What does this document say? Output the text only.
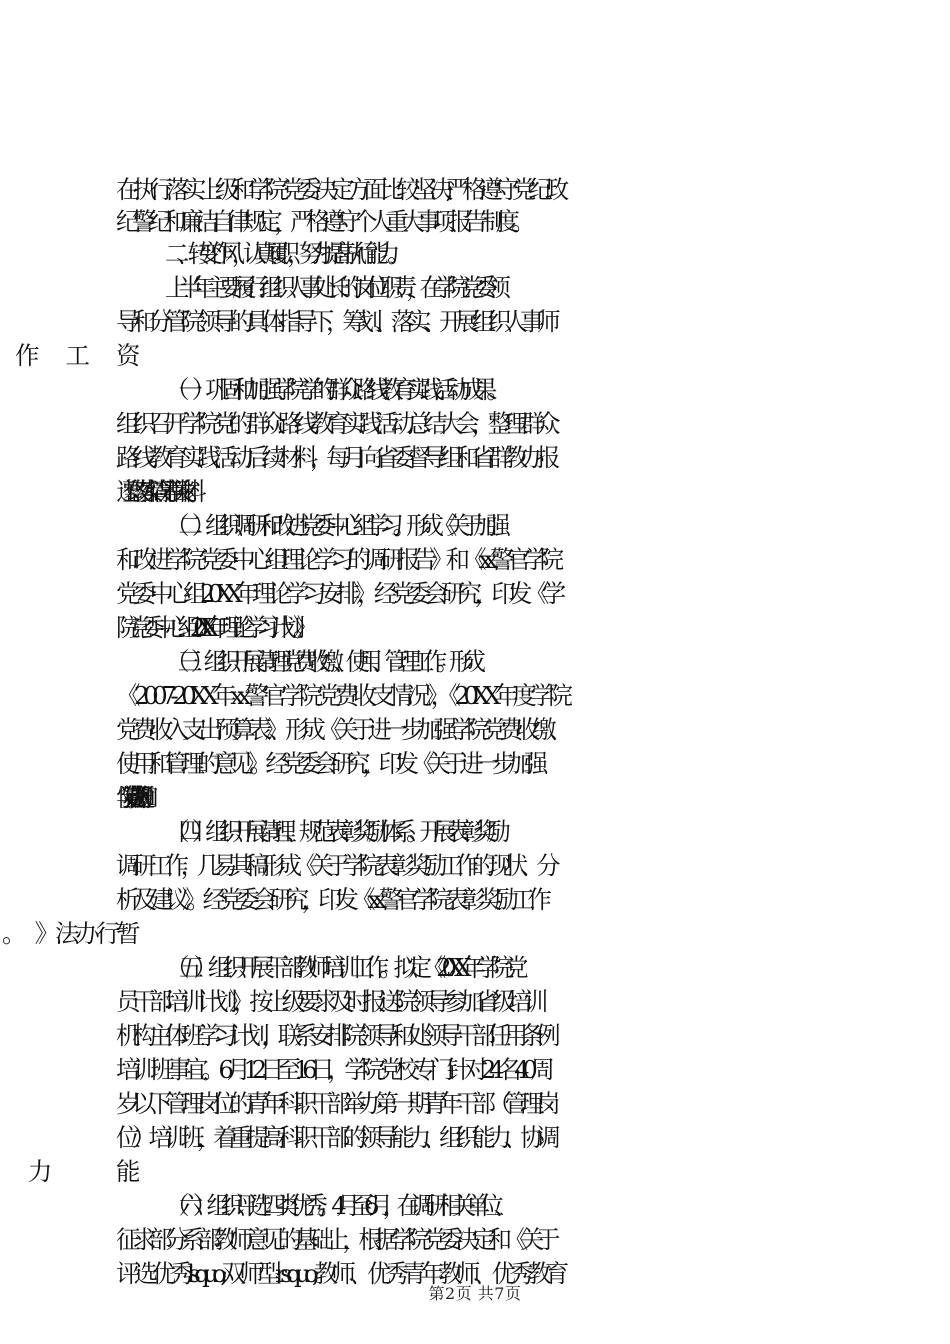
在执行落实上级和学院党委决定方面比较坚决;严格遵守党纪政
纪警纪和廉洁自律规定，严格遵守个人重大事项报告制度。
二、转变作风，认真履职，努力提高执行能力。
上半年主要履行组织人事处长的岗位职责，在学院党委领
导和分管院领导的具体指导下，筹划、落实、开展组织人事师
（一）巩固和加强学院学的群众路线教育实践活动成果。
组织召开学院党的群众路线教育实践活动总结大会，整理群众
路线教育实践活动后续材料，每月向省委督导组和省群教办报
送整改落实情况等相关材料。
（二）组织调研和改进党委中心组学习。形成《关于加强
和改进学院党委中心组理论学习的调研报告》和《xx警官学院
党委中心组20XX年理论学习安排》，经党委会研究，印发《学
院党委中心组20XX年理论学习计划》。
（三）组织开展清理党费收缴、使用、管理工作。形成
《2007-20XX年xx警官学院党费收支情况》，《20XX年度学院
党费收入支出预算表》、形成《关于进一步加强学院党费收缴、
使用和管理的意见》。经党委会研究，印发《关于进一步加强
学院党费管理的通知》。
（四）组织开展清理、规范表彰奖励体系。开展表彰奖励
调研工作，几易其稿形成《关于学院表彰奖励工作的现状、分
析及建议》。经党委会研究，印发《xx警官学院表彰奖励工作
（五）组织开展干部教师培训工作。拟定《20XX年学院党
员干部培训计划》，按上级要求及时报送院领导参加省级培训
机构主体班学习计划，联系安排院领导和处领导干部任用条例
培训班事宜。6月12日至16日，学院党校专门针对24名40周
岁以下管理岗位的青年科职干部举办第一期青年干部（管理岗
位）培训班，着重提高科职干部的领导能力、组织能力、协调
（六）组织评选四类优秀。4月至6月，在调研相关单位、
征求部分系部教师意见的基础上，根据学院党委决定和《关于
评选优秀lsquo;双师型rsquo;教师、优秀青年教师、优秀教育
第2页 共7页
